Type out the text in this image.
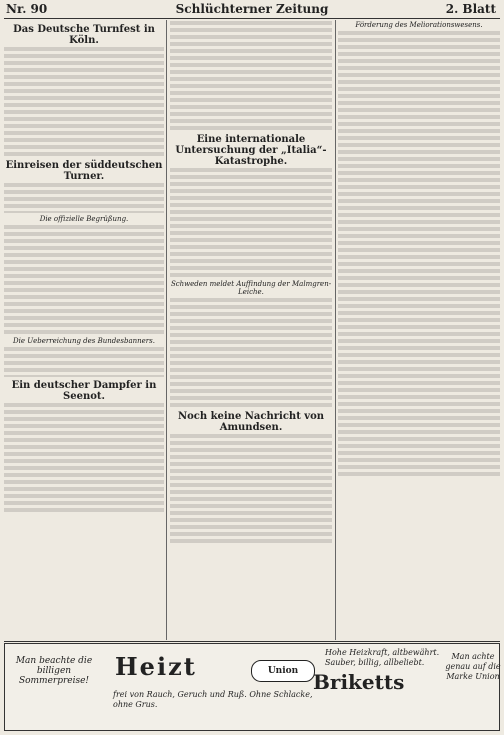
Nr. 90	Schlüchterner Zeitung	2. Blatt
Das Deutsche Turnfest in Köln.
Einreisen der süddeutschen Turner.
Die offizielle Begrüßung.
Die Ueberreichung des Bundesbanners.
Ein deutscher Dampfer in Seenot.
Eine internationale Untersuchung der „Italia“-Katastrophe.
Schweden meldet Auffindung der Malmgren-Leiche.
Noch keine Nachricht von Amundsen.
Förderung des Meliorationswesens.
Man beachte die billigen Sommerpreise! Heizt	Union Briketts
frei von Rauch, Geruch und Ruß. Ohne Schlacke, ohne Grus.
Hohe Heizkraft, altbewährt. Sauber, billig, allbeliebt.
Man achte genau auf die Marke Union
